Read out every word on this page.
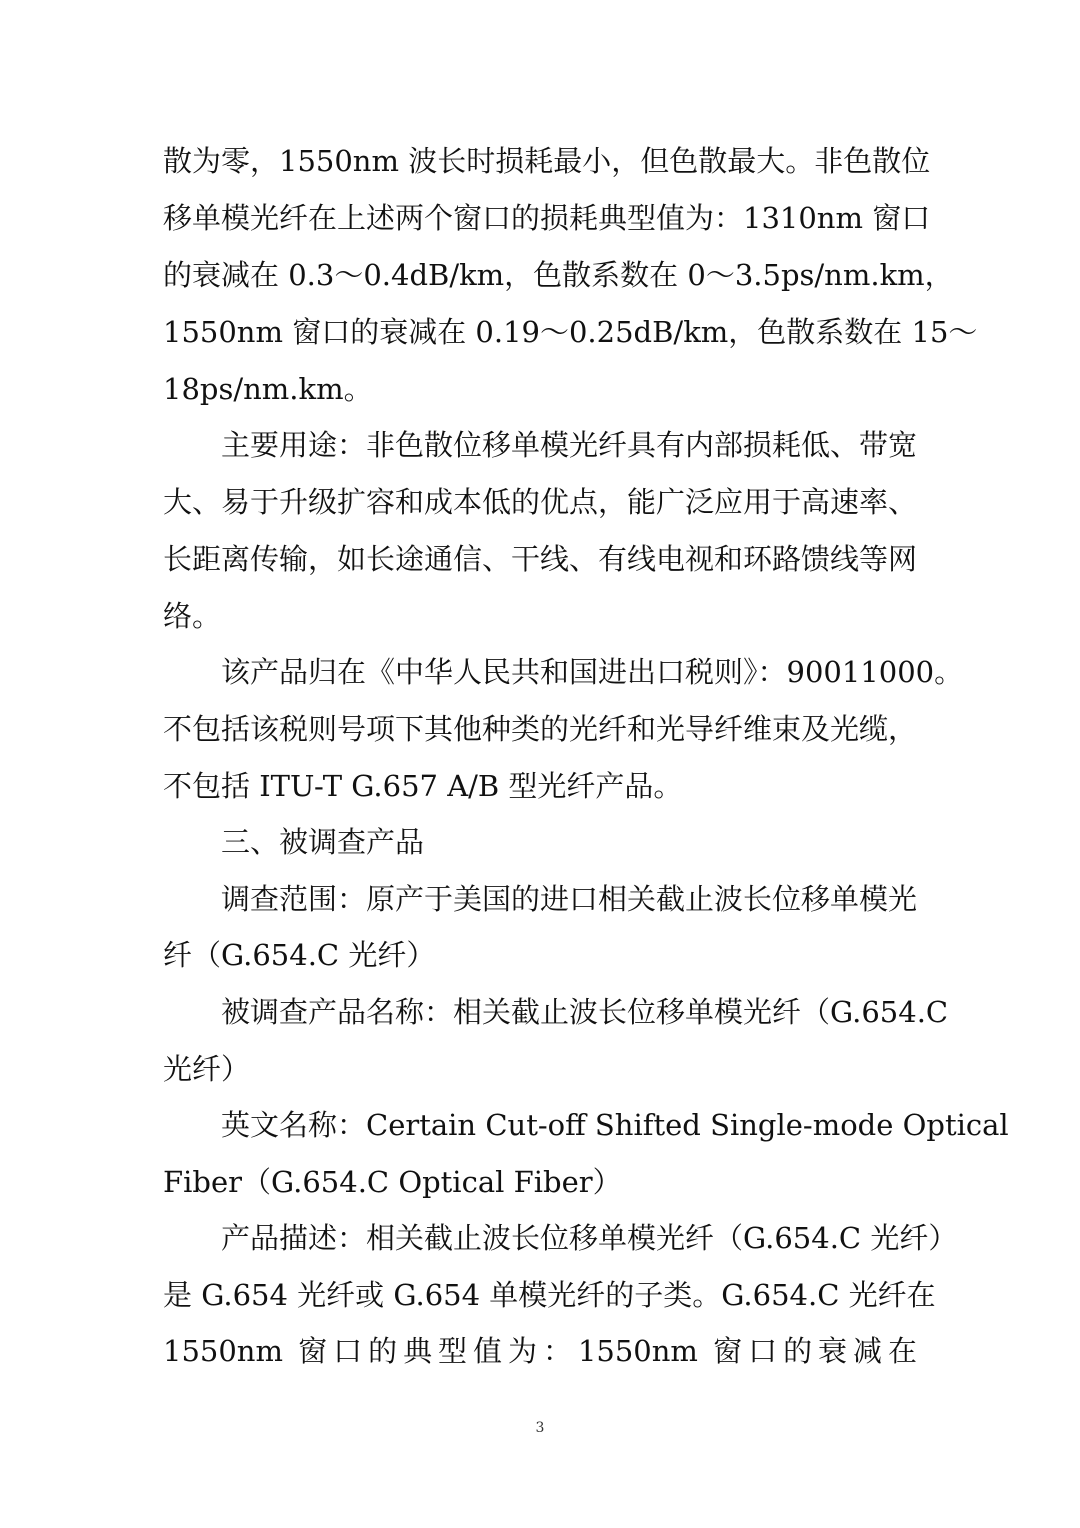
散为零，1550nm 波长时损耗最小，但色散最大。非色散位
移单模光纤在上述两个窗口的损耗典型值为：1310nm 窗口
的衰减在 0.3～0.4dB/km，色散系数在 0～3.5ps/nm.km，
1550nm 窗口的衰减在 0.19～0.25dB/km，色散系数在 15～
18ps/nm.km。
主要用途：非色散位移单模光纤具有内部损耗低、带宽
大、易于升级扩容和成本低的优点，能广泛应用于高速率、
长距离传输，如长途通信、干线、有线电视和环路馈线等网
络。
该产品归在《中华人民共和国进出口税则》：90011000。
不包括该税则号项下其他种类的光纤和光导纤维束及光缆，
不包括 ITU-T G.657 A/B 型光纤产品。
三、被调查产品
调查范围：原产于美国的进口相关截止波长位移单模光
纤（G.654.C 光纤）
被调查产品名称：相关截止波长位移单模光纤（G.654.C
光纤）
英文名称：Certain Cut-off Shifted Single-mode Optical
Fiber（G.654.C Optical Fiber）
产品描述：相关截止波长位移单模光纤（G.654.C 光纤）
是 G.654 光纤或 G.654 单模光纤的子类。G.654.C 光纤在
1550nm 窗口的典型值为：1550nm 窗口的衰减在
3
